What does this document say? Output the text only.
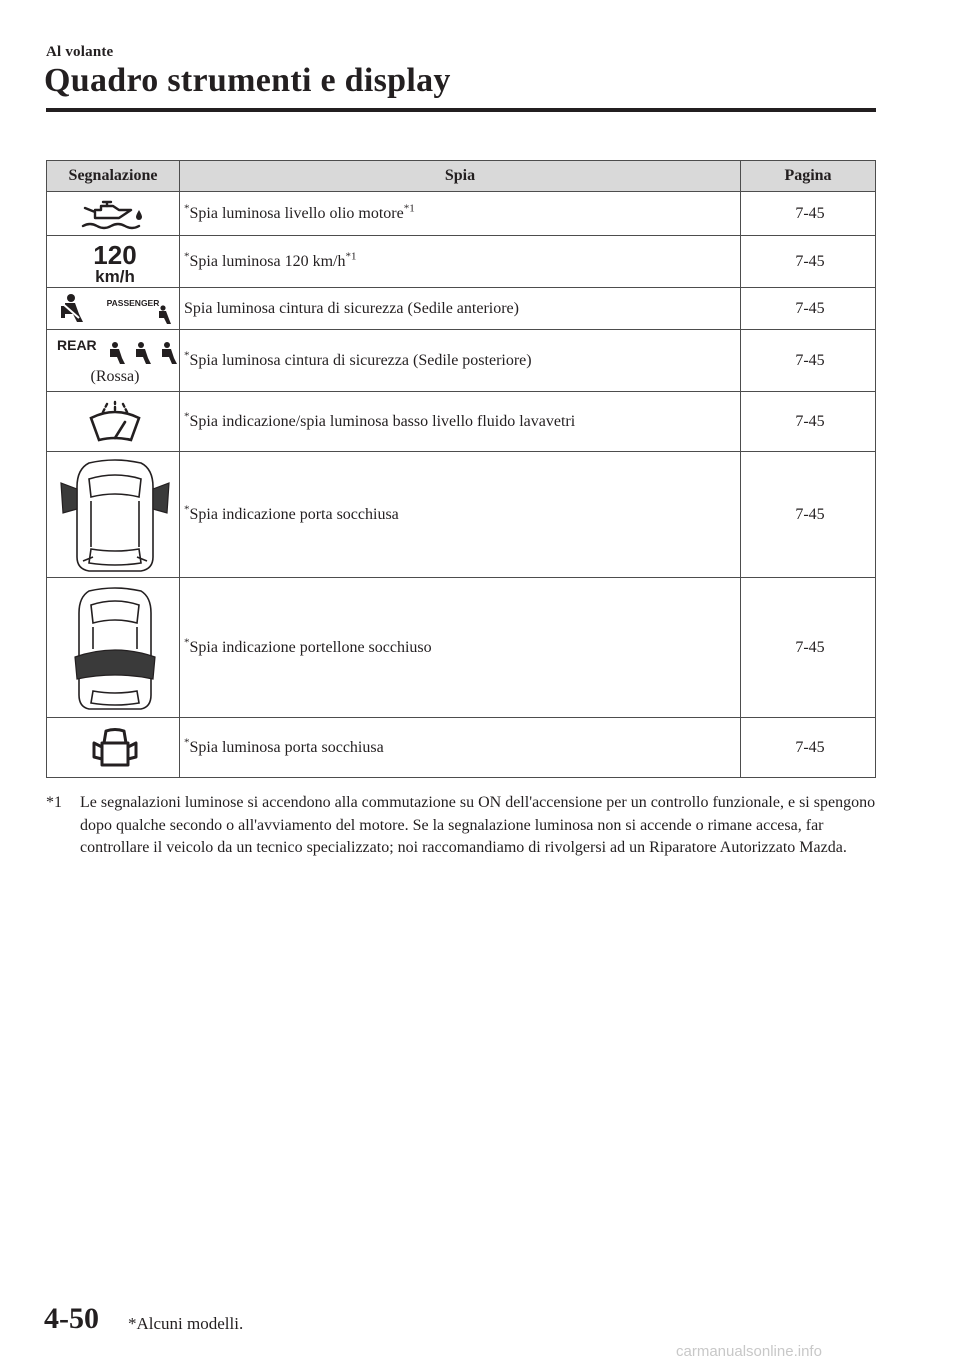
Al volante
Quadro strumenti e display
Segnalazione	Spia	Pagina
	*Spia luminosa livello olio motore$^{*1}$	7-45

120
km/h	*Spia luminosa 120 $km/h^{*1}$	7-45

PASSENGER	Spia luminosa cintura di sicurezza (Sedile anteriore)	7-45

REAR
(Rossa)	*Spia luminosa cintura di sicurezza (Sedile posteriore)	7-45
	*Spia indicazione/spia luminosa basso livello fluido lavavetri	7-45
	*Spia indicazione porta socchiusa	7-45
	*Spia indicazione portellone socchiuso	7-45
	*Spia luminosa porta socchiusa	7-45
*1 Le segnalazioni luminose si accendono alla commutazione su ON dell'accensione per un controllo funzionale, e si spengono dopo qualche secondo o all'avviamento del motore. Se la segnalazione luminosa non si accende o rimane accesa, far controllare il veicolo da un tecnico specializzato; noi raccomandiamo di rivolgersi ad un Riparatore Autorizzato Mazda.
4-50 *Alcuni modelli.
carmanualsonline.info
